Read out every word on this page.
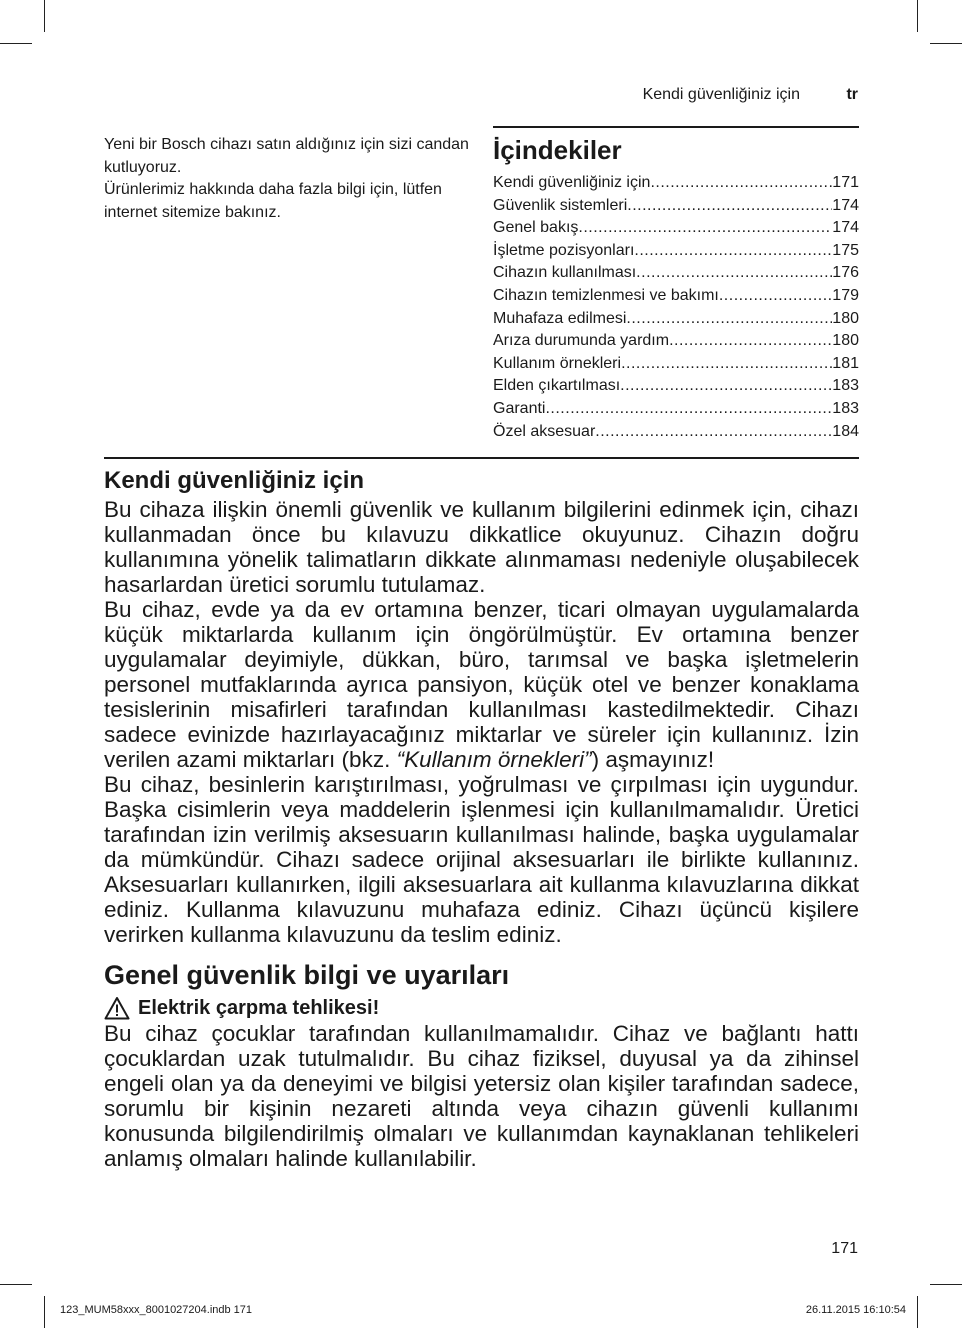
Kendi güvenliğiniz için	tr

Yeni bir Bosch cihazı satın aldığınız için sizi candan kutluyoruz.

Ürünlerimiz hakkında daha fazla bilgi için, lütfen internet sitemize bakınız.

İçindekiler
Kendi güvenliğiniz için .....	171
Güvenlik sistemleri .....	174
Genel bakış .....	174
İşletme pozisyonları .....	175
Cihazın kullanılması .....	176
Cihazın temizlenmesi ve bakımı .....	179
Muhafaza edilmesi .....	180
Arıza durumunda yardım .....	180
Kullanım örnekleri .....	181
Elden çıkartılması .....	183
Garanti .....	183
Özel aksesuar .....	184
Kendi güvenliğiniz için

Bu cihaza ilişkin önemli güvenlik ve kullanım bilgilerini edinmek için, cihazı kullanmadan önce bu kılavuzu dikkatlice okuyunuz. Cihazın doğru kullanımına yönelik talimatların dikkate alınmaması nedeniyle oluşabilecek hasarlardan üretici sorumlu tutulamaz.

Bu cihaz, evde ya da ev ortamına benzer, ticari olmayan uygulamalarda küçük miktarlarda kullanım için öngörülmüştür. Ev ortamına benzer uygulamalar deyimiyle, dükkan, büro, tarımsal ve başka işletmelerin personel mutfaklarında ayrıca pansiyon, küçük otel ve benzer konaklama tesislerinin misafirleri tarafından kullanılması kastedilmektedir. Cihazı sadece evinizde hazırlayacağınız miktarlar ve süreler için kullanınız. İzin verilen azami miktarları (bkz. “Kullanım örnekleri”) aşmayınız!

Bu cihaz, besinlerin karıştırılması, yoğrulması ve çırpılması için uygundur. Başka cisimlerin veya maddelerin işlenmesi için kullanılmamalıdır. Üretici tarafından izin verilmiş aksesuarın kullanılması halinde, başka uygulamalar da mümkündür. Cihazı sadece orijinal aksesuarları ile birlikte kullanınız. Aksesuarları kullanırken, ilgili aksesuarlara ait kullanma kılavuzlarına dikkat ediniz. Kullanma kılavuzunu muhafaza ediniz. Cihazı üçüncü kişilere verirken kullanma kılavuzunu da teslim ediniz.

Genel güvenlik bilgi ve uyarıları
Elektrik çarpma tehlikesi!

Bu cihaz çocuklar tarafından kullanılmamalıdır. Cihaz ve bağlantı hattı çocuklardan uzak tutulmalıdır. Bu cihaz fiziksel, duyusal ya da zihinsel engeli olan ya da deneyimi ve bilgisi yetersiz olan kişiler tarafından sadece, sorumlu bir kişinin nezareti altında veya cihazın güvenli kullanımı konusunda bilgilendirilmiş olmaları ve kullanımdan kaynaklanan tehlikeleri anlamış olmaları halinde kullanılabilir.

171
123_MUM58xxx_8001027204.indb 171	26.11.2015 16:10:54
